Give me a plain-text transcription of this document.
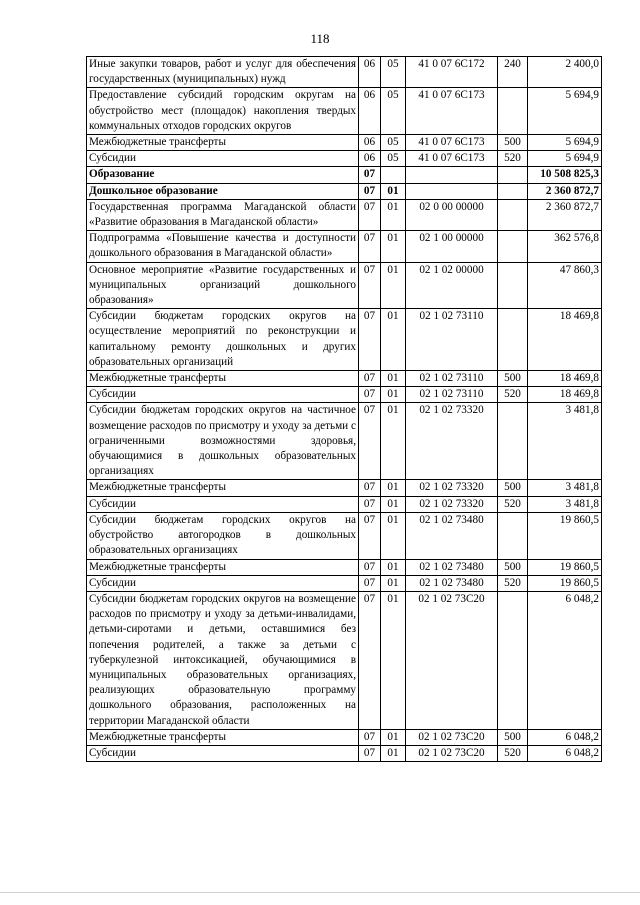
118
Иные закупки товаров, работ и услуг для обеспечения государственных (муниципальных) нужд	06	05	41 0 07 6С172	240	2 400,0
Предоставление субсидий городским округам на обустройство мест (площадок) накопления твердых коммунальных отходов городских округов	06	05	41 0 07 6С173		5 694,9
Межбюджетные трансферты	06	05	41 0 07 6С173	500	5 694,9
Субсидии	06	05	41 0 07 6С173	520	5 694,9
Образование	07				10 508 825,3
Дошкольное образование	07	01			2 360 872,7
Государственная программа Магаданской области «Развитие образования в Магаданской области»	07	01	02 0 00 00000		2 360 872,7
Подпрограмма «Повышение качества и доступности дошкольного образования в Магаданской области»	07	01	02 1 00 00000		362 576,8
Основное мероприятие «Развитие государственных и муниципальных организаций дошкольного образования»	07	01	02 1 02 00000		47 860,3
Субсидии бюджетам городских округов на осуществление мероприятий по реконструкции и капитальному ремонту дошкольных и других образовательных организаций	07	01	02 1 02 73110		18 469,8
Межбюджетные трансферты	07	01	02 1 02 73110	500	18 469,8
Субсидии	07	01	02 1 02 73110	520	18 469,8
Субсидии бюджетам городских округов на частичное возмещение расходов по присмотру и уходу за детьми с ограниченными возможностями здоровья, обучающимися в дошкольных образовательных организациях	07	01	02 1 02 73320		3 481,8
Межбюджетные трансферты	07	01	02 1 02 73320	500	3 481,8
Субсидии	07	01	02 1 02 73320	520	3 481,8
Субсидии бюджетам городских округов на обустройство автогородков в дошкольных образовательных организациях	07	01	02 1 02 73480		19 860,5
Межбюджетные трансферты	07	01	02 1 02 73480	500	19 860,5
Субсидии	07	01	02 1 02 73480	520	19 860,5
Субсидии бюджетам городских округов на возмещение расходов по присмотру и уходу за детьми-инвалидами, детьми-сиротами и детьми, оставшимися без попечения родителей, а также за детьми с туберкулезной интоксикацией, обучающимися в муниципальных образовательных организациях, реализующих образовательную программу дошкольного образования, расположенных на территории Магаданской области	07	01	02 1 02 73С20		6 048,2
Межбюджетные трансферты	07	01	02 1 02 73С20	500	6 048,2
Субсидии	07	01	02 1 02 73С20	520	6 048,2
